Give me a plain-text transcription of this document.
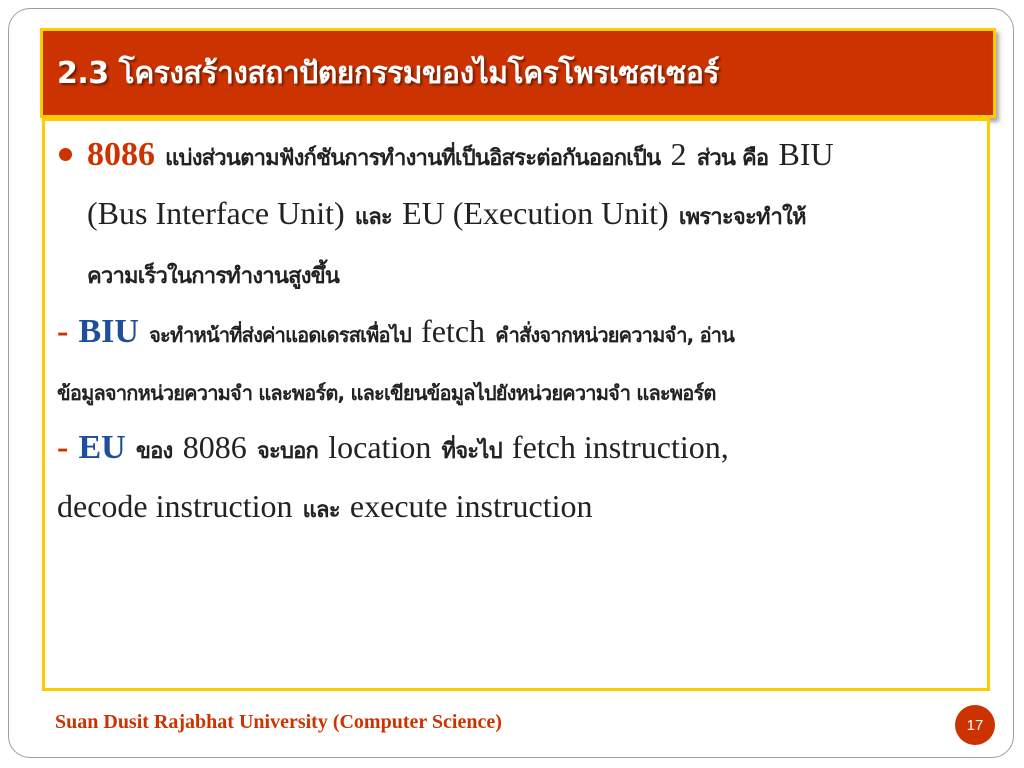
2.3 โครงสร้างสถาปัตยกรรมของไมโครโพรเซสเซอร์

8086 แบ่งส่วนตามฟังก์ชันการทำงานที่เป็นอิสระต่อกันออกเป็น 2 ส่วน คือ BIU
(Bus Interface Unit) และ EU (Execution Unit) เพราะจะทำให้
ความเร็วในการทำงานสูงขึ้น

- BIU จะทำหน้าที่ส่งค่าแอดเดรสเพื่อไป fetch คำสั่งจากหน่วยความจำ, อ่าน
ข้อมูลจากหน่วยความจำ และพอร์ต, และเขียนข้อมูลไปยังหน่วยความจำ และพอร์ต

- EU ของ 8086 จะบอก location ที่จะไป fetch instruction,
decode instruction และ execute instruction

Suan Dusit Rajabhat University (Computer Science)	17
